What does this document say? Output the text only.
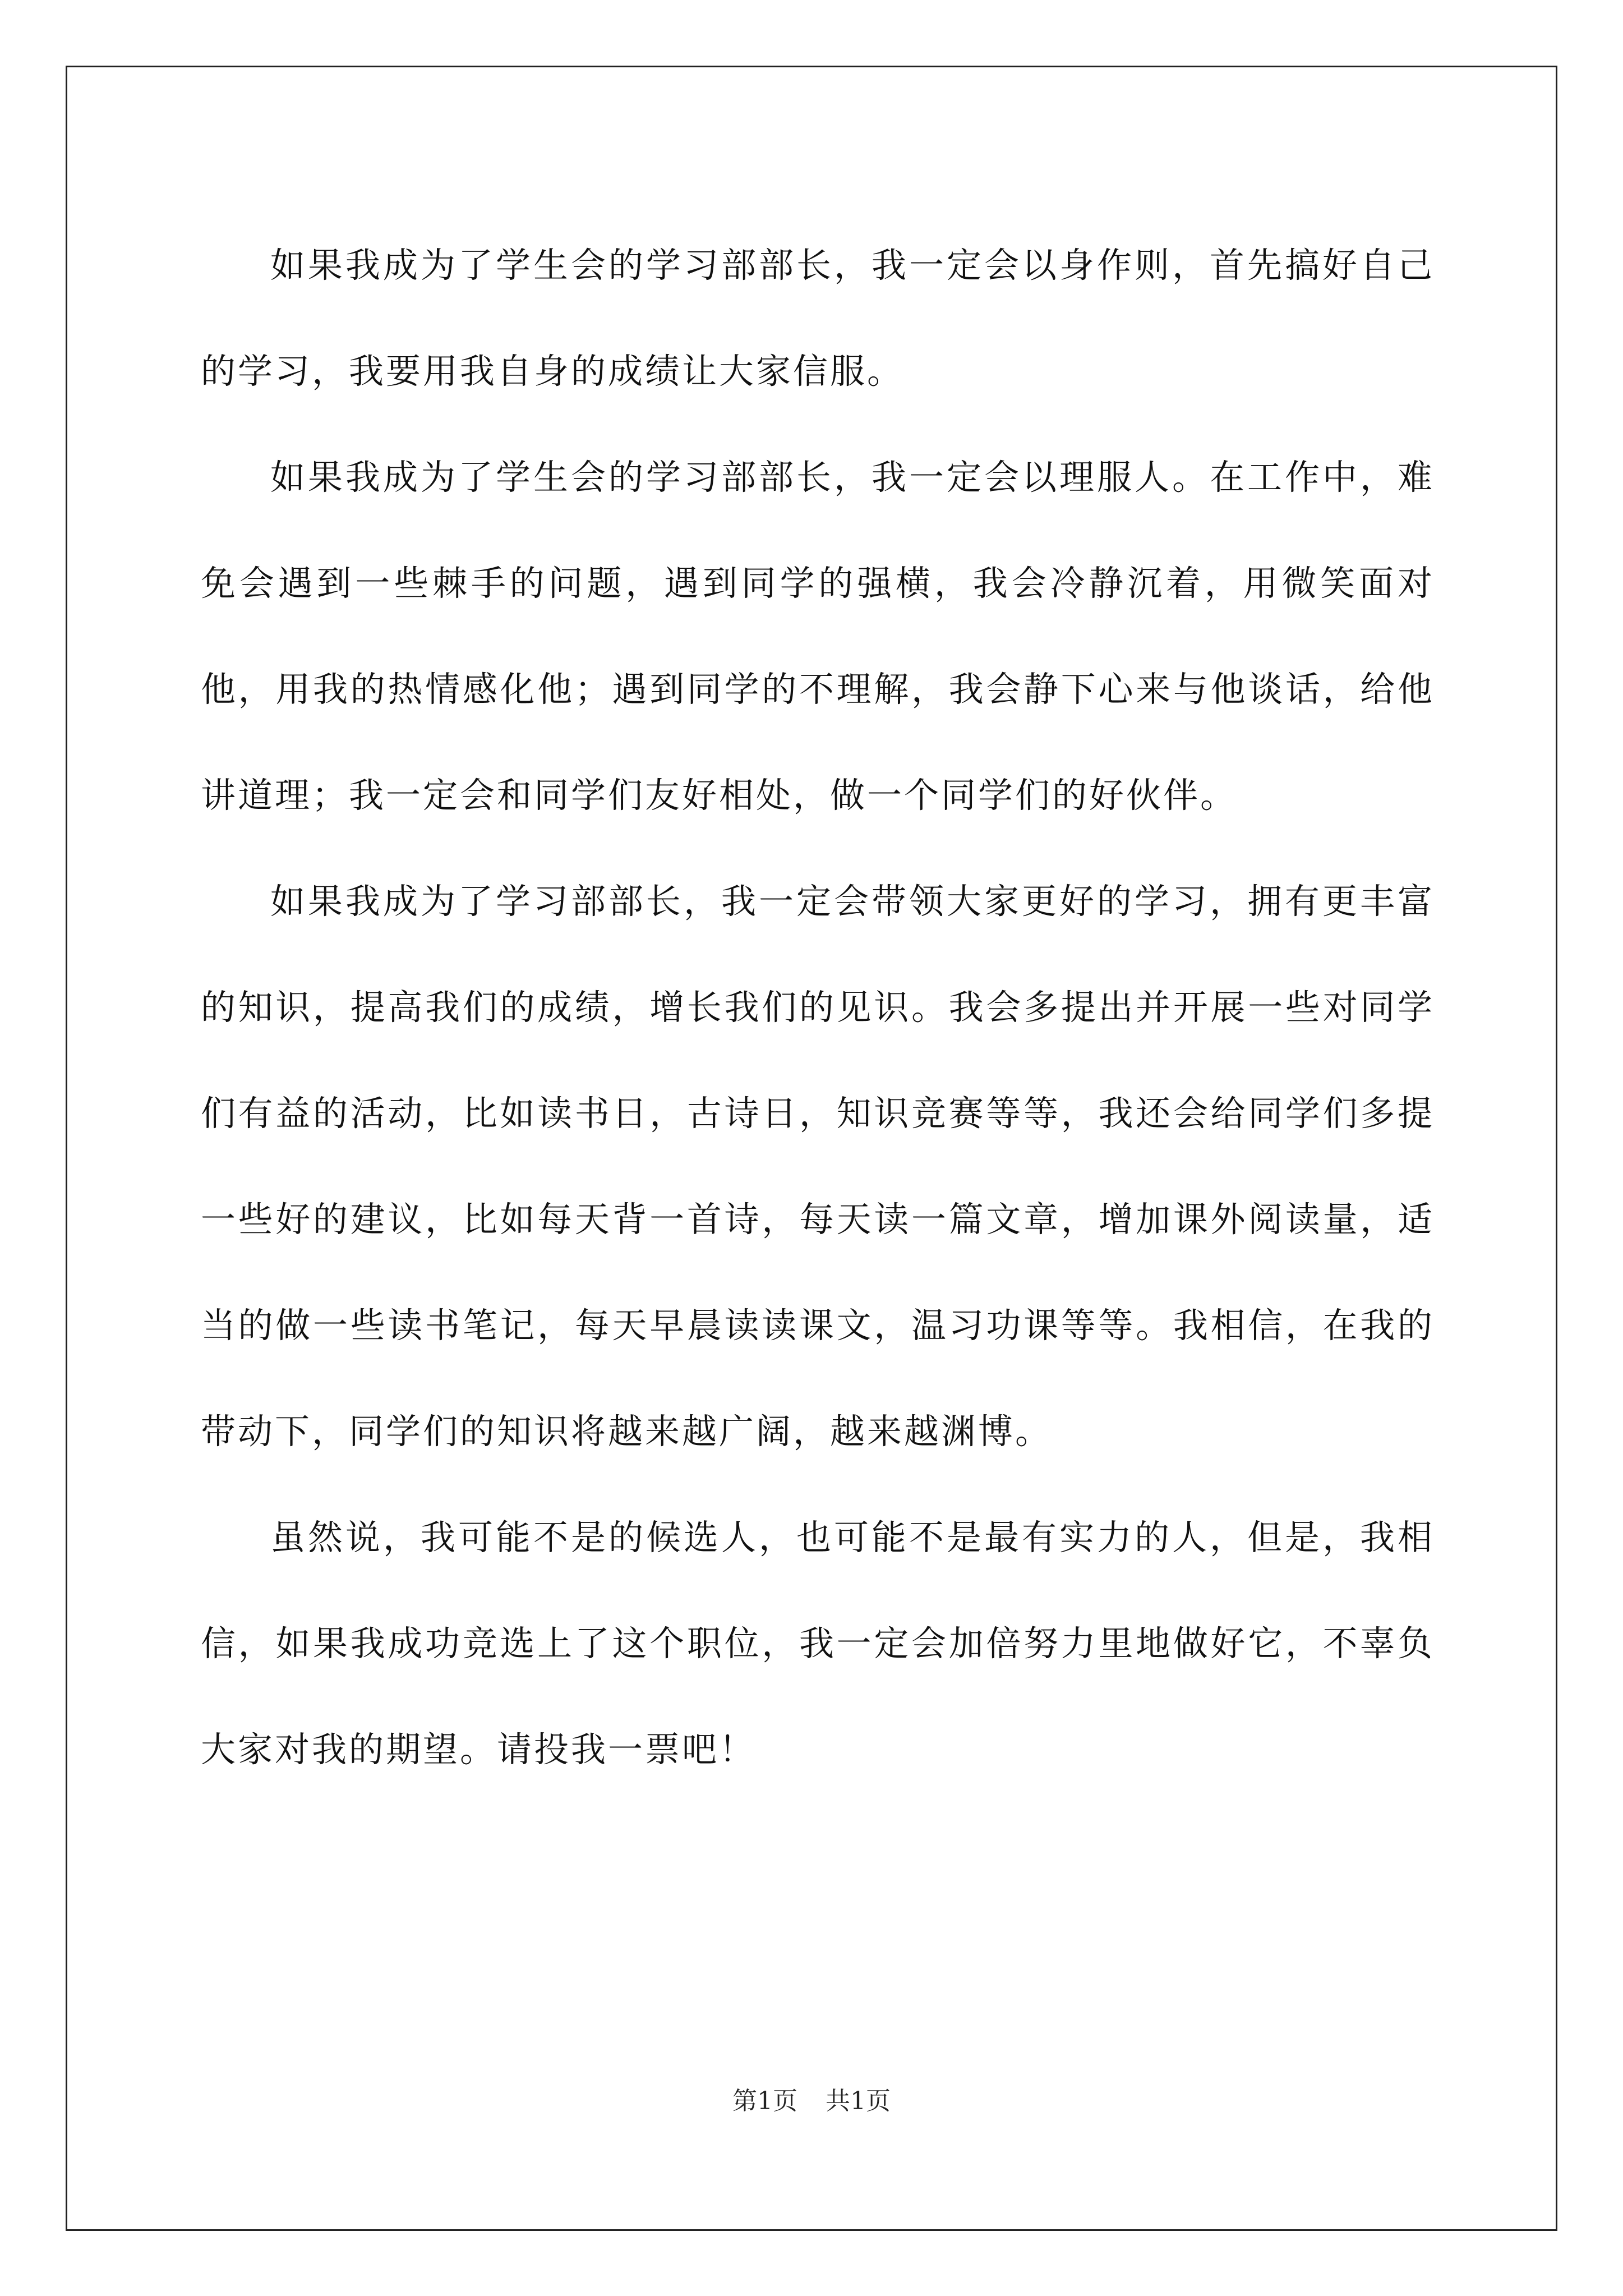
如果我成为了学生会的学习部部长，我一定会以身作则，首先搞好自己的学习，我要用我自身的成绩让大家信服。

如果我成为了学生会的学习部部长，我一定会以理服人。在工作中，难免会遇到一些棘手的问题，遇到同学的强横，我会冷静沉着，用微笑面对他，用我的热情感化他；遇到同学的不理解，我会静下心来与他谈话，给他讲道理；我一定会和同学们友好相处，做一个同学们的好伙伴。

如果我成为了学习部部长，我一定会带领大家更好的学习，拥有更丰富的知识，提高我们的成绩，增长我们的见识。我会多提出并开展一些对同学们有益的活动，比如读书日，古诗日，知识竞赛等等，我还会给同学们多提一些好的建议，比如每天背一首诗，每天读一篇文章，增加课外阅读量，适当的做一些读书笔记，每天早晨读读课文，温习功课等等。我相信，在我的带动下，同学们的知识将越来越广阔，越来越渊博。

虽然说，我可能不是的候选人，也可能不是最有实力的人，但是，我相信，如果我成功竞选上了这个职位，我一定会加倍努力里地做好它，不辜负大家对我的期望。请投我一票吧！

第1页 共1页
